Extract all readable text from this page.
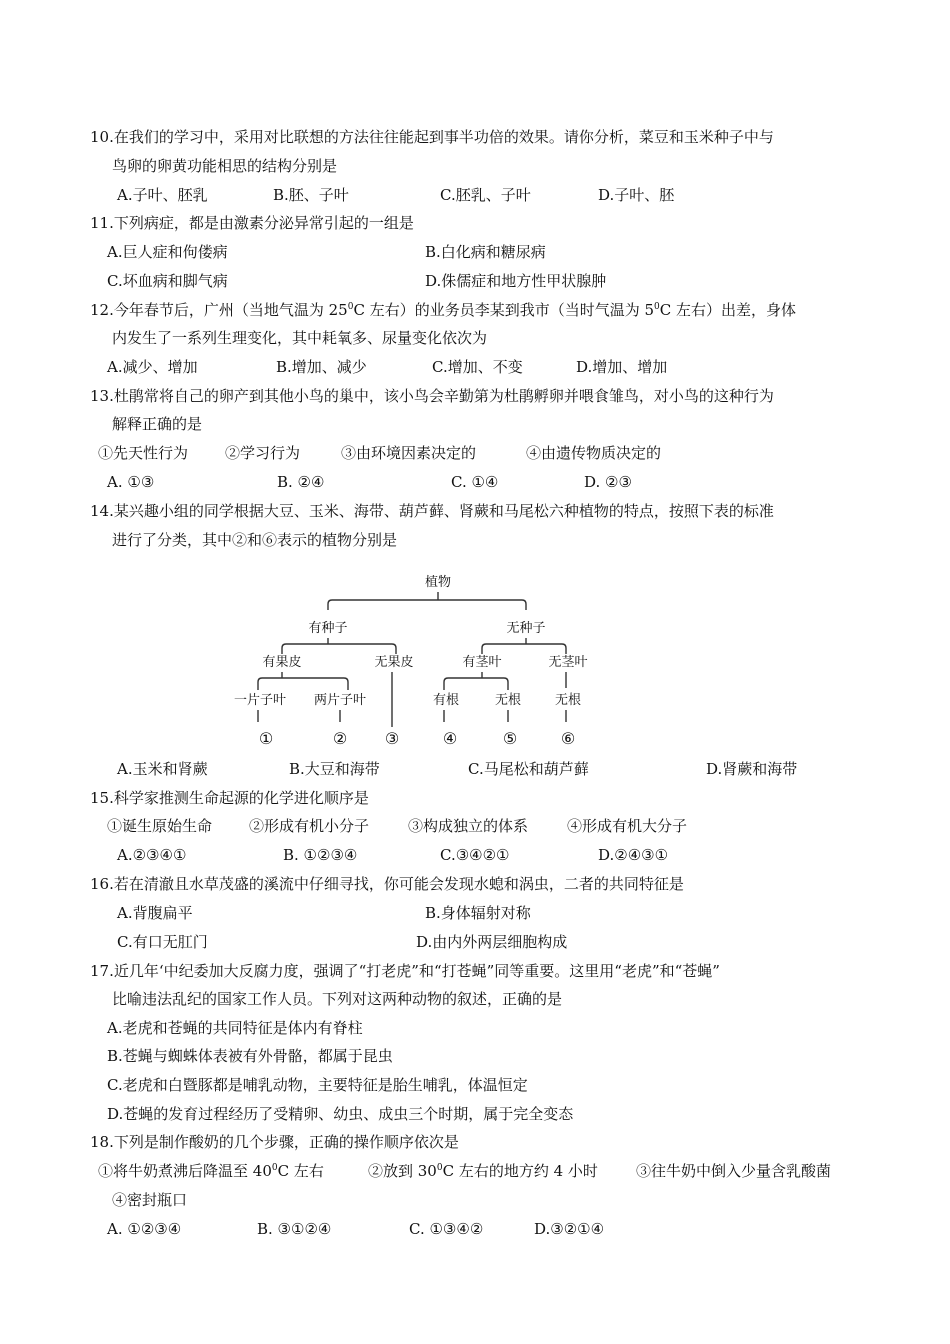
10.在我们的学习中，采用对比联想的方法往往能起到事半功倍的效果。请你分析，菜豆和玉米种子中与
鸟卵的卵黄功能相思的结构分别是
A.子叶、胚乳	B.胚、子叶	C.胚乳、子叶	D.子叶、胚
11.下列病症，都是由激素分泌异常引起的一组是
A.巨人症和佝偻病	B.白化病和糖尿病
C.坏血病和脚气病	D.侏儒症和地方性甲状腺肿
12.今年春节后，广州（当地气温为 $25^0C$ 左右）的业务员李某到我市（当时气温为 $5^0C$ 左右）出差，身体
内发生了一系列生理变化，其中耗氧多、尿量变化依次为
A.减少、增加	B.增加、减少	C.增加、不变	D.增加、增加
13.杜鹃常将自己的卵产到其他小鸟的巢中，该小鸟会辛勤第为杜鹃孵卵并喂食雏鸟，对小鸟的这种行为
解释正确的是
①先天性行为 ②学习行为	③由环境因素决定的	④由遗传物质决定的
A. ①③	B. ②④	C. ①④	D. ②③
14.某兴趣小组的同学根据大豆、玉米、海带、葫芦藓、肾蕨和马尾松六种植物的特点，按照下表的标准
进行了分类，其中②和⑥表示的植物分别是
植物
有种子	无种子
有果皮	无果皮	有茎叶	无茎叶
一片子叶 两片子叶	有根	无根	无根
①	② ③	④	⑤	⑥
A.玉米和肾蕨	B.大豆和海带	C.马尾松和葫芦藓	D.肾蕨和海带
15.科学家推测生命起源的化学进化顺序是
①诞生原始生命 ②形成有机小分子	③构成独立的体系	④形成有机大分子
A.②③④①	B. ①②③④	C.③④②①	D.②④③①
16.若在清澈且水草茂盛的溪流中仔细寻找，你可能会发现水螅和涡虫，二者的共同特征是
A.背腹扁平	B.身体辐射对称
C.有口无肛门	D.由内外两层细胞构成
17.近几年‘中纪委加大反腐力度，强调了“打老虎”和“打苍蝇”同等重要。这里用“老虎”和“苍蝇”
比喻违法乱纪的国家工作人员。下列对这两种动物的叙述，正确的是
A.老虎和苍蝇的共同特征是体内有脊柱
B.苍蝇与蜘蛛体表被有外骨骼，都属于昆虫
C.老虎和白暨豚都是哺乳动物，主要特征是胎生哺乳，体温恒定
D.苍蝇的发育过程经历了受精卵、幼虫、成虫三个时期，属于完全变态
18.下列是制作酸奶的几个步骤，正确的操作顺序依次是
①将牛奶煮沸后降温至 $40^0C$ 左右	②放到 $30^0C$ 左右的地方约 4 小时	③往牛奶中倒入少量含乳酸菌
④密封瓶口
A. ①②③④	B. ③①②④	C. ①③④②	D.③②①④
